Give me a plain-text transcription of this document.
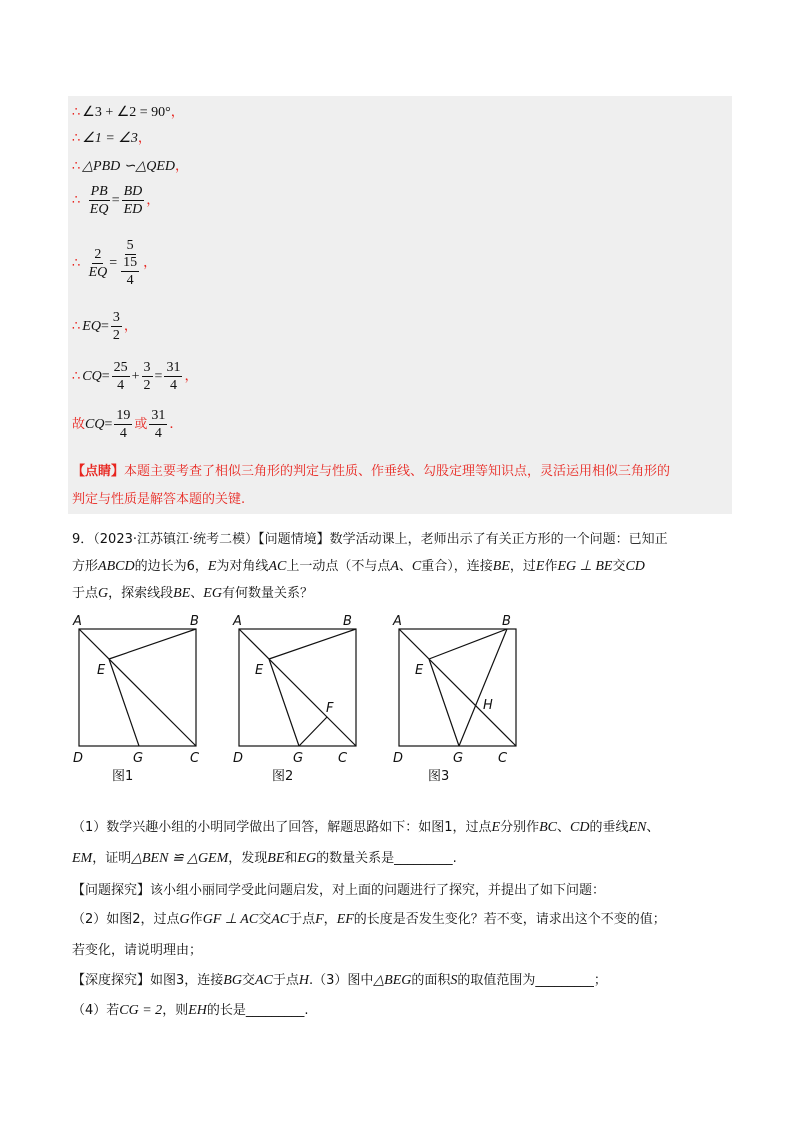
∴ ∠3 + ∠2 = 90°，
∴ ∠1 = ∠3，
∴ △PBD ∽△QED，
∴ $\frac{PB}{EQ} = \frac{BD}{ED}$ ，
∴ $\frac{2}{EQ} = \frac{5}{\frac{15}{4}}$ ，
∴ $EQ= \frac{3}{2}$ ，
∴ $CQ= \frac{25}{4} + \frac{3}{2} = \frac{31}{4}$ ，
故$CQ= \frac{19}{4}$ 或 $\frac{31}{4}$ ．
【点睛】本题主要考查了相似三角形的判定与性质、作垂线、勾股定理等知识点，灵活运用相似三角形的
判定与性质是解答本题的关键.
9．（2023·江苏镇江·统考二模）【问题情境】数学活动课上，老师出示了有关正方形的一个问题：已知正
方形ABCD的边长为6，E为对角线AC上一动点（不与点A、C重合），连接BE，过E作EG ⊥ BE交CD
于点G，探索线段BE、EG有何数量关系？
A	B
E
D	G	C
图1
A	B
E
F
D	G	C
图2
A	B
E
H
D	G	C
图3
（1）数学兴趣小组的小明同学做出了回答，解题思路如下：如图1，过点E分别作BC、CD的垂线EN、
EM，证明△BEN ≌ △GEM，发现BE和EG的数量关系是_________.
【问题探究】该小组小丽同学受此问题启发，对上面的问题进行了探究，并提出了如下问题：
（2）如图2，过点G作GF ⊥ AC交AC于点F，EF的长度是否发生变化？若不变，请求出这个不变的值；
若变化，请说明理由；
【深度探究】如图3，连接BG交AC于点H.（3）图中△BEG的面积S的取值范围为_________；
（4）若CG = 2，则EH的长是_________.
